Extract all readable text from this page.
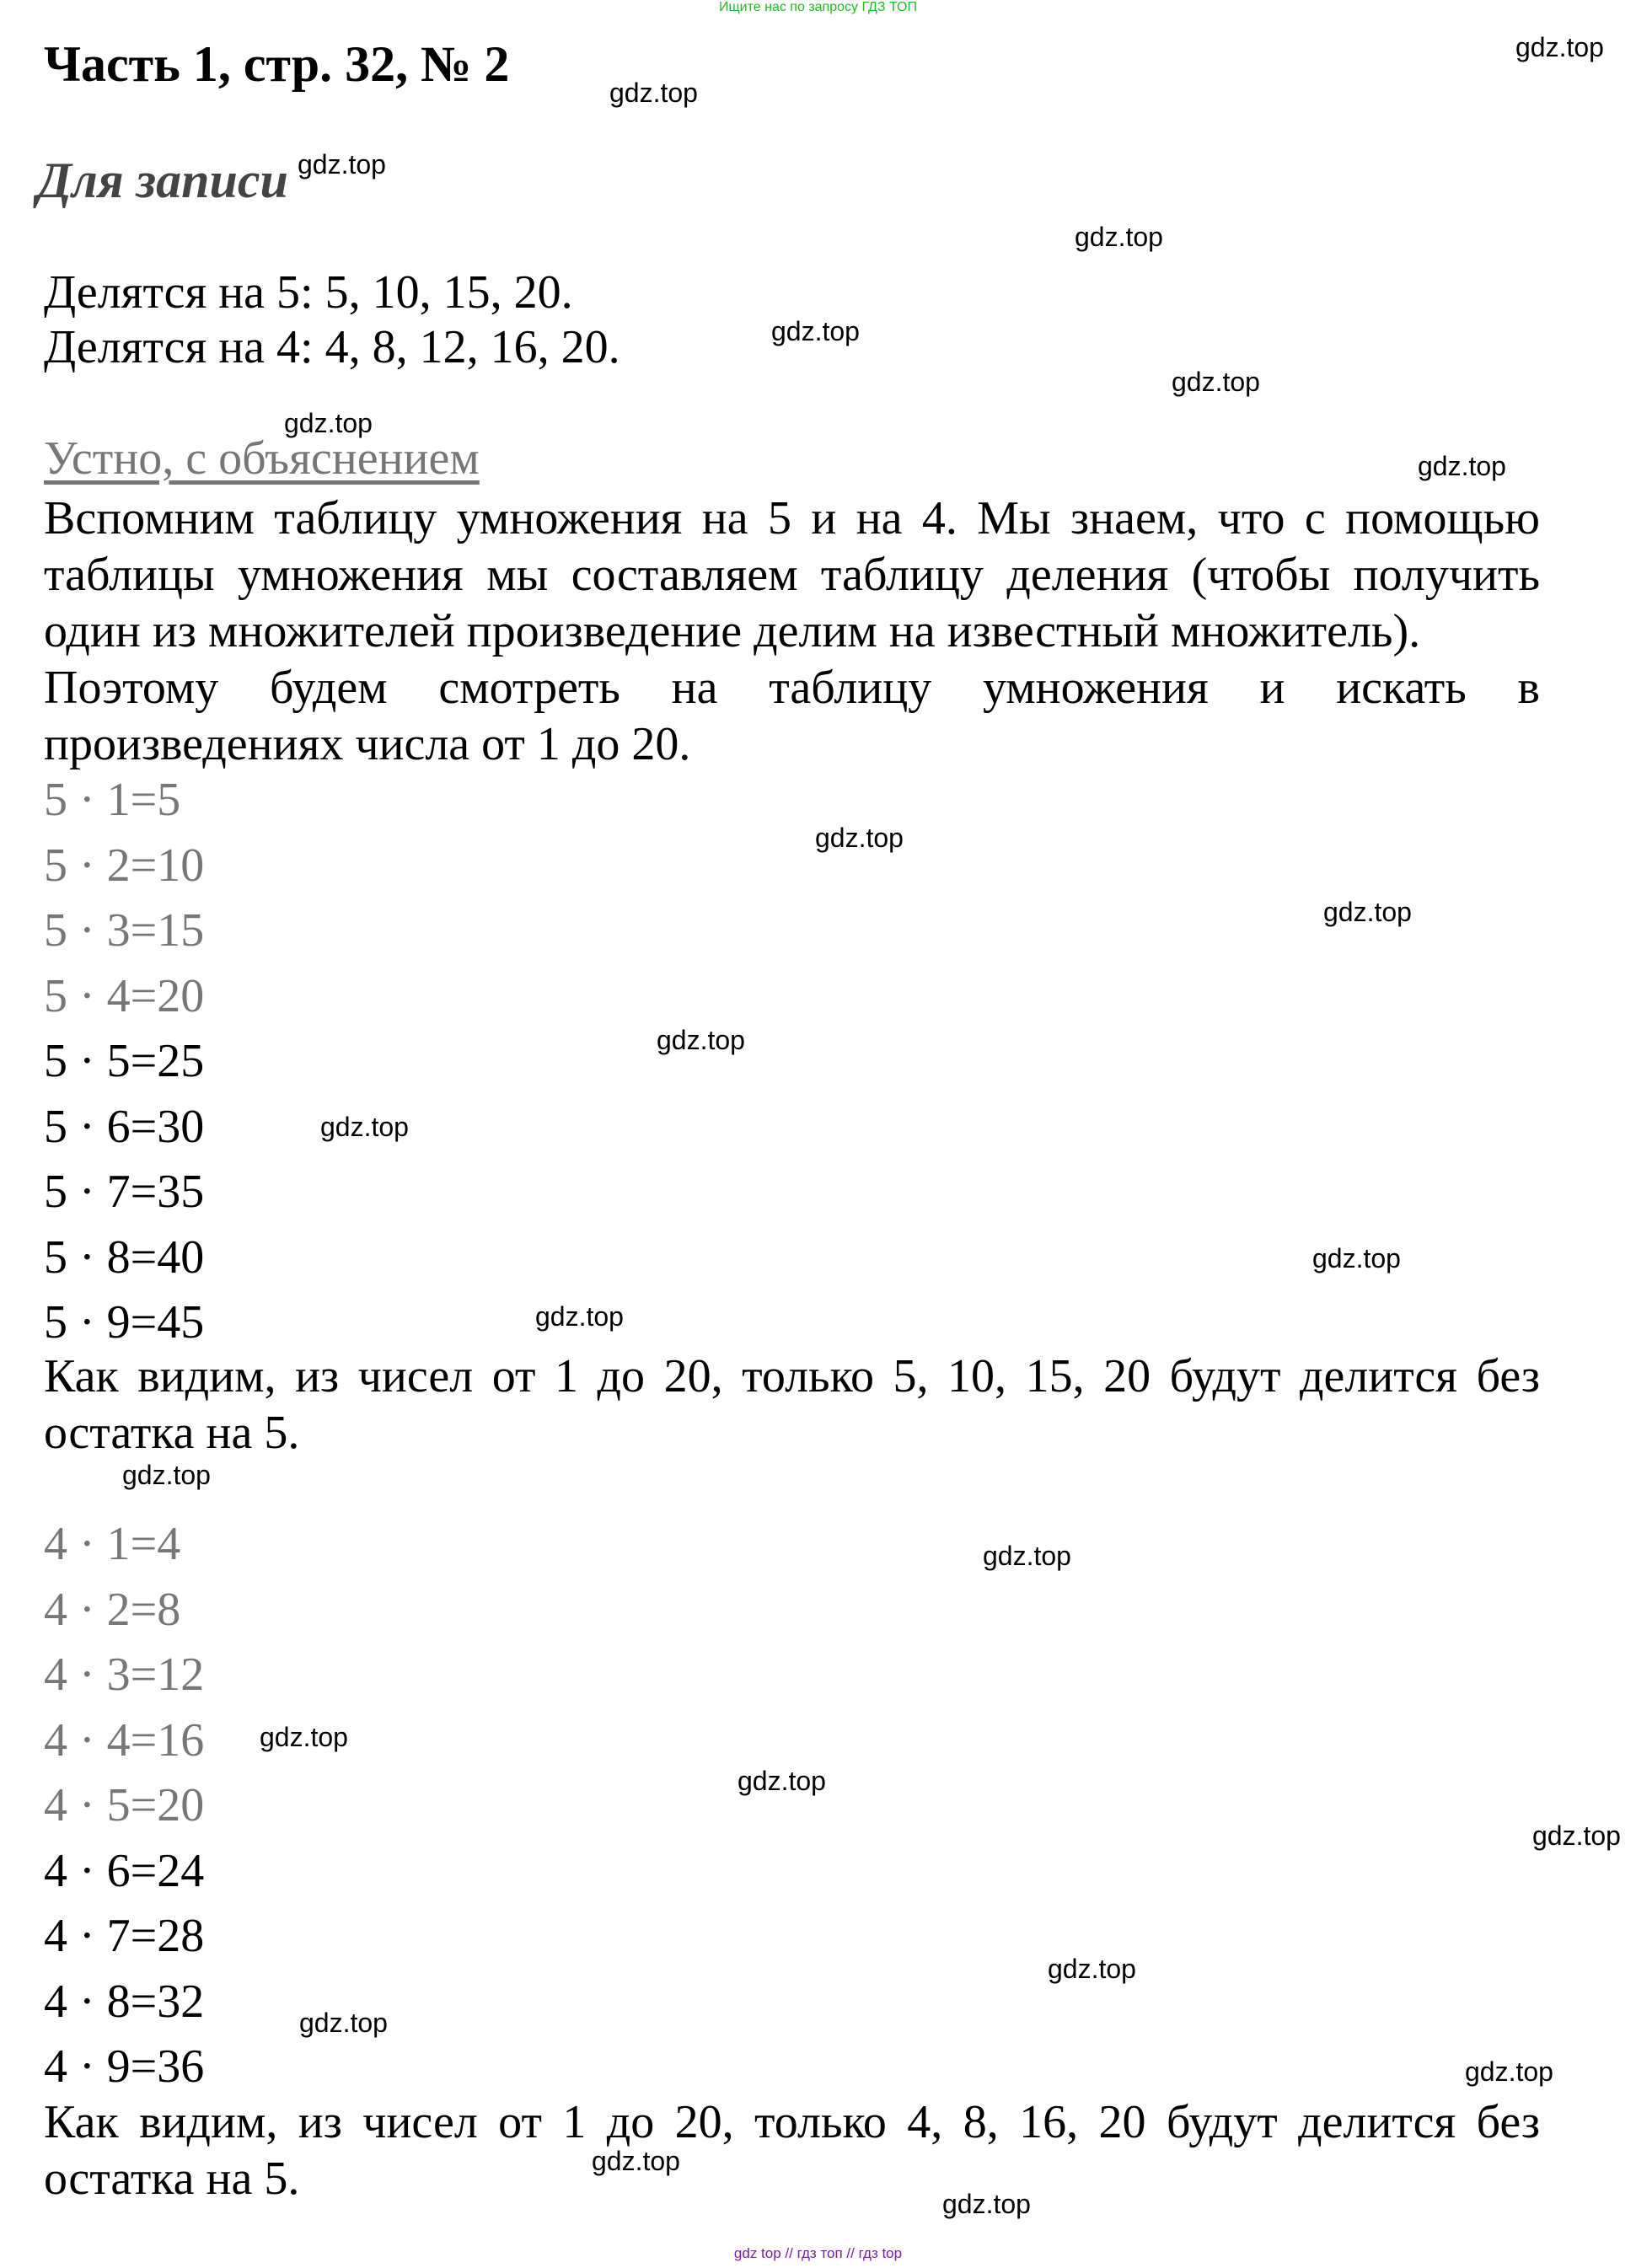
Ищите нас по запросу ГДЗ ТОП
Часть 1, стр. 32, № 2
Для записи
Делятся на 5: 5, 10, 15, 20.
Делятся на 4: 4, 8, 12, 16, 20.
Устно, с объяснением
Вспомним таблицу умножения на 5 и на 4. Мы знаем, что с помощью
таблицы умножения мы составляем таблицу деления (чтобы получить
один из множителей произведение делим на известный множитель).
Поэтому будем смотреть на таблицу умножения и искать в
произведениях числа от 1 до 20.
5 · 1=5
5 · 2=10
5 · 3=15
5 · 4=20
5 · 5=25
5 · 6=30
5 · 7=35
5 · 8=40
5 · 9=45
Как видим, из чисел от 1 до 20, только 5, 10, 15, 20 будут делится без
остатка на 5.
4 · 1=4
4 · 2=8
4 · 3=12
4 · 4=16
4 · 5=20
4 · 6=24
4 · 7=28
4 · 8=32
4 · 9=36
Как видим, из чисел от 1 до 20, только 4, 8, 16, 20 будут делится без
остатка на 5.
gdz.top
gdz.top
gdz.top
gdz.top
gdz.top
gdz.top
gdz.top
gdz.top
gdz.top
gdz.top
gdz.top
gdz.top
gdz.top
gdz.top
gdz.top
gdz.top
gdz.top
gdz.top
gdz.top
gdz.top
gdz.top
gdz.top
gdz.top
gdz.top
gdz top // гдз топ // гдз top
